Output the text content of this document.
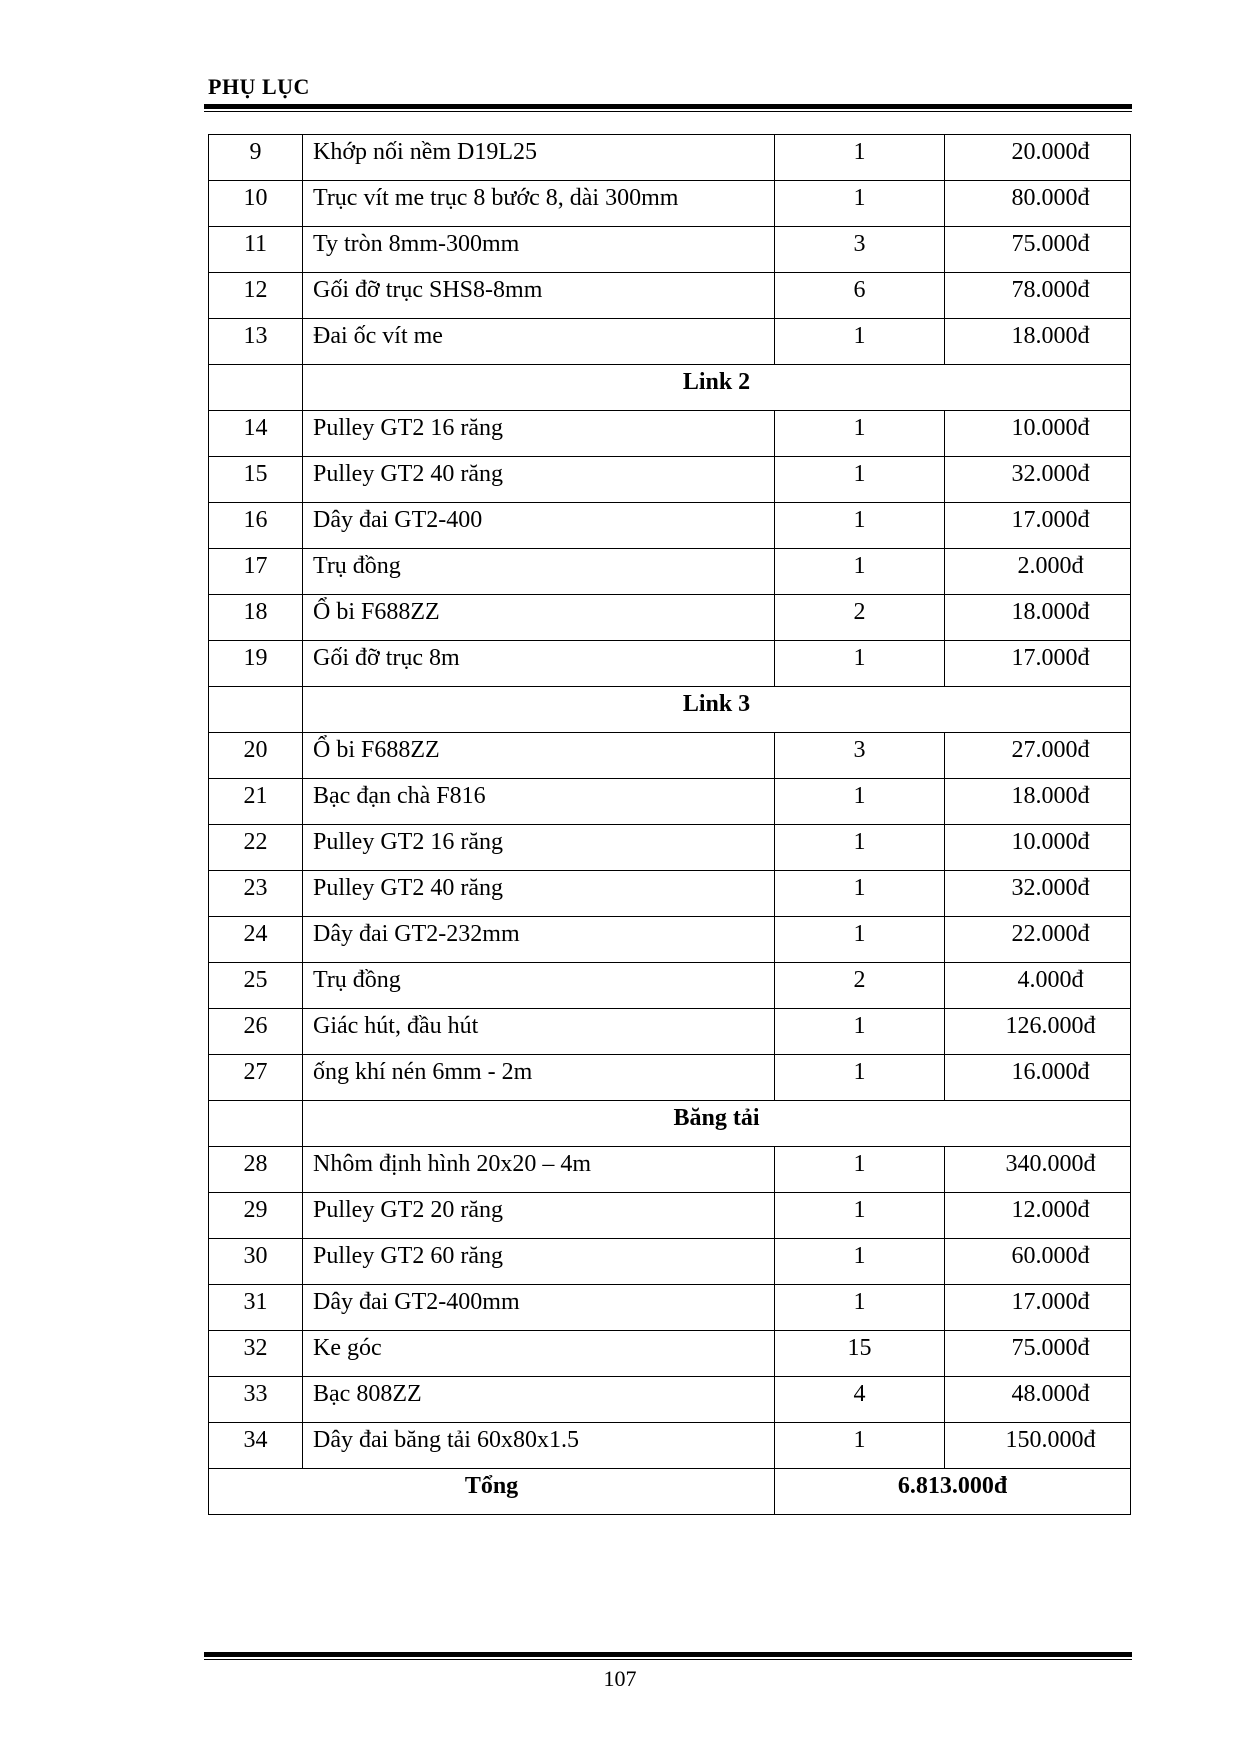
PHỤ LỤC
9	Khớp nối nềm D19L25	1	20.000đ
10	Trục vít me trục 8 bước 8, dài 300mm	1	80.000đ
11	Ty tròn 8mm-300mm	3	75.000đ
12	Gối đỡ trục SHS8-8mm	6	78.000đ
13	Đai ốc vít me	1	18.000đ
	Link 2		
14	Pulley GT2 16 răng	1	10.000đ
15	Pulley GT2 40 răng	1	32.000đ
16	Dây đai GT2-400	1	17.000đ
17	Trụ đồng	1	2.000đ
18	Ổ bi F688ZZ	2	18.000đ
19	Gối đỡ trục 8m	1	17.000đ
	Link 3		
20	Ổ bi F688ZZ	3	27.000đ
21	Bạc đạn chà F816	1	18.000đ
22	Pulley GT2 16 răng	1	10.000đ
23	Pulley GT2 40 răng	1	32.000đ
24	Dây đai GT2-232mm	1	22.000đ
25	Trụ đồng	2	4.000đ
26	Giác hút, đầu hút	1	126.000đ
27	ống khí nén 6mm - 2m	1	16.000đ
	Băng tải		
28	Nhôm định hình 20x20 – 4m	1	340.000đ
29	Pulley GT2 20 răng	1	12.000đ
30	Pulley GT2 60 răng	1	60.000đ
31	Dây đai GT2-400mm	1	17.000đ
32	Ke góc	15	75.000đ
33	Bạc 808ZZ	4	48.000đ
34	Dây đai băng tải 60x80x1.5	1	150.000đ
Tổng		6.813.000đ	
107
